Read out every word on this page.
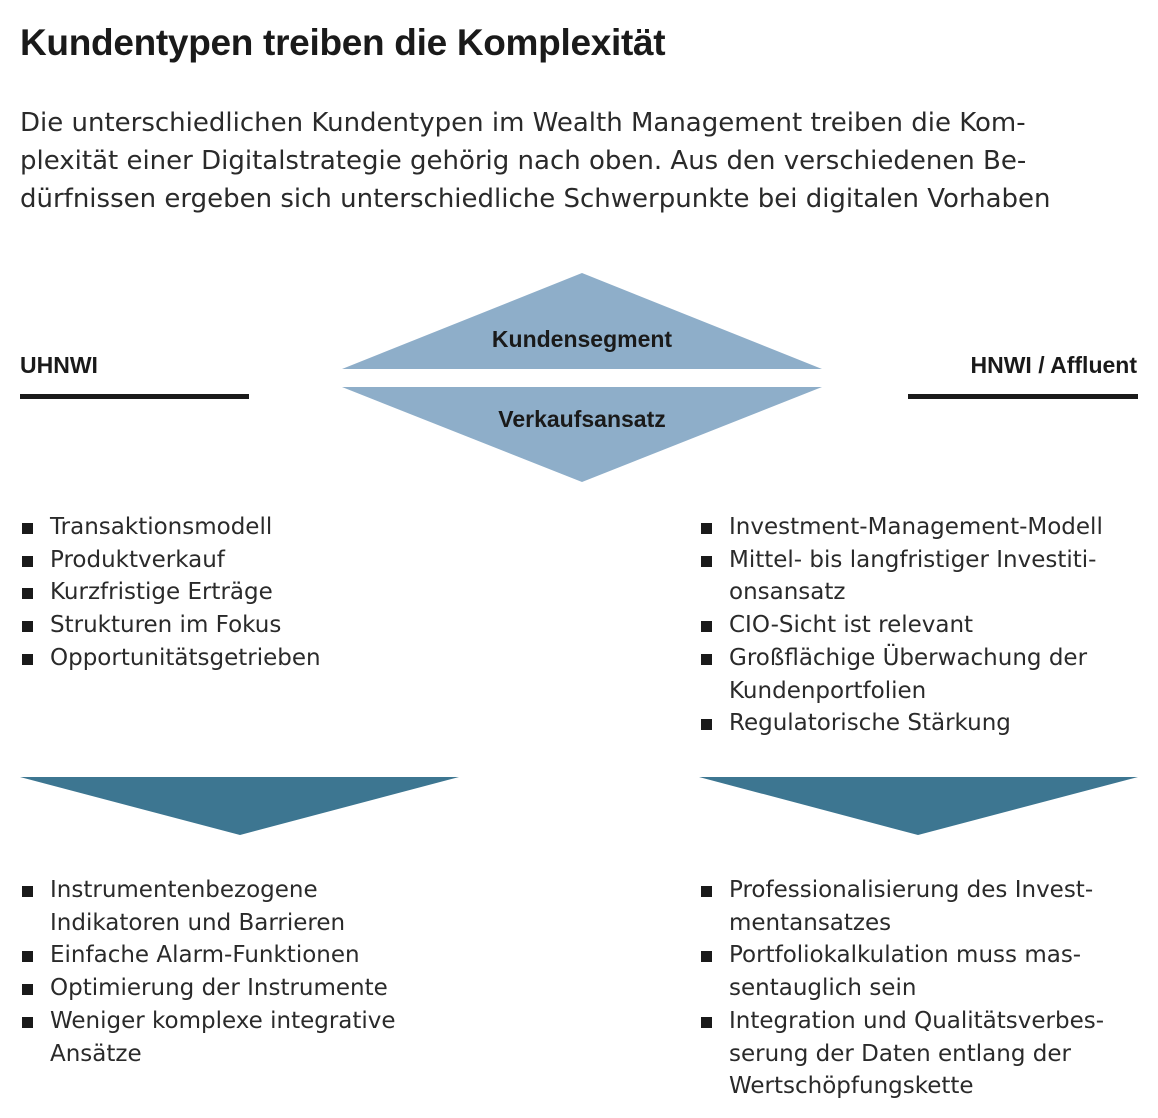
Kundentypen treiben die Komplexität

Die unterschiedlichen Kundentypen im Wealth Management treiben die Kom-
plexität einer Digitalstrategie gehörig nach oben. Aus den verschiedenen Be-
dürfnissen ergeben sich unterschiedliche Schwerpunkte bei digitalen Vorhaben

UHNWI	HNWI / Affluent
Kundensegment
Verkaufsansatz
Transaktionsmodell
Produktverkauf
Kurzfristige Erträge
Strukturen im Fokus
Opportunitätsgetrieben
Investment-Management-Modell
Mittel- bis langfristiger Investiti-
onsansatz
CIO-Sicht ist relevant
Großflächige Überwachung der
Kundenportfolien
Regulatorische Stärkung
Instrumentenbezogene
Indikatoren und Barrieren
Einfache Alarm-Funktionen
Optimierung der Instrumente
Weniger komplexe integrative
Ansätze
Professionalisierung des Invest-
mentansatzes
Portfoliokalkulation muss mas-
sentauglich sein
Integration und Qualitätsverbes-
serung der Daten entlang der
Wertschöpfungskette
